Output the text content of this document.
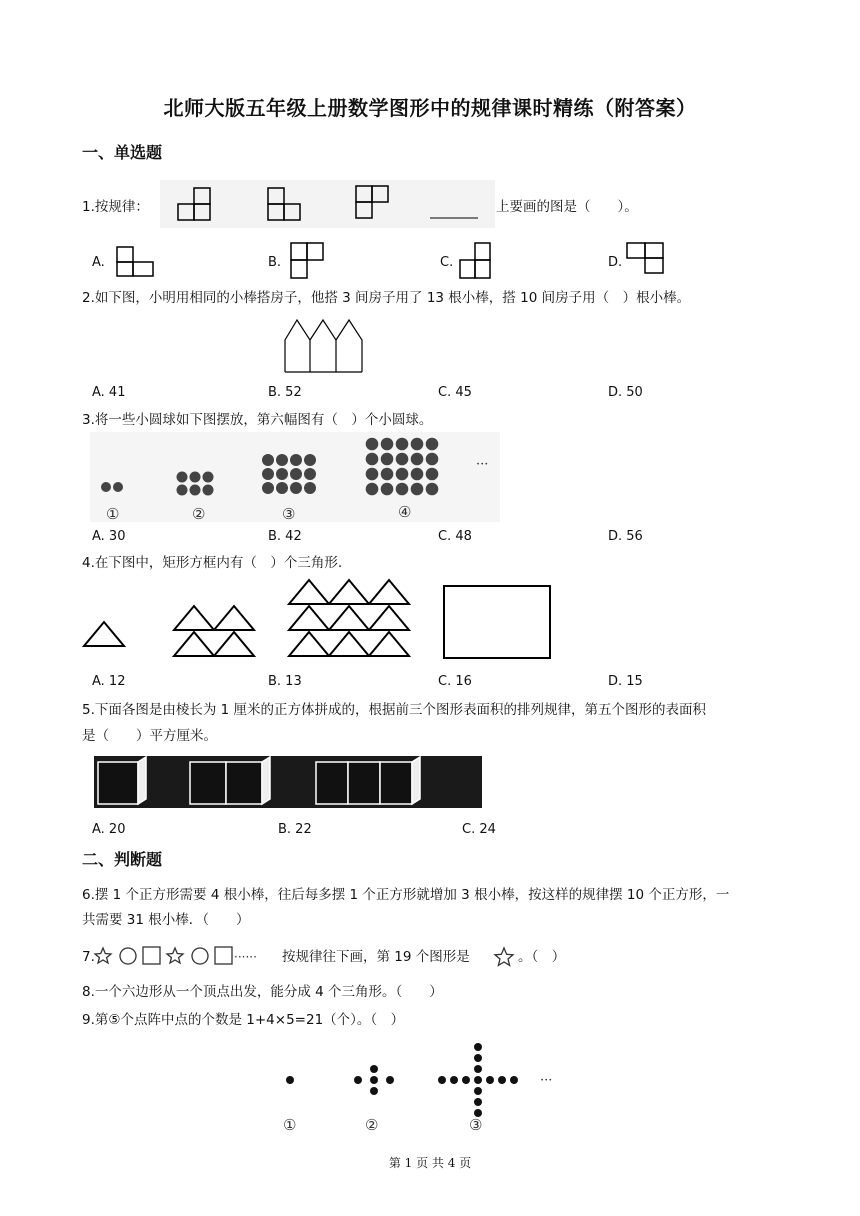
北师大版五年级上册数学图形中的规律课时精练（附答案）
一、单选题
1.按规律：	上要画的图是（　　）。
A.	B.	C.	D.
2.如下图，小明用相同的小棒搭房子，他搭 3 间房子用了 13 根小棒，搭 10 间房子用（　）根小棒。
A. 41	B. 52	C. 45	D. 50
3.将一些小圆球如下图摆放，第六幅图有（　）个小圆球。
①	②	③	④
···
A. 30	B. 42	C. 48	D. 56
4.在下图中，矩形方框内有（　）个三角形.
A. 12	B. 13	C. 16	D. 15
5.下面各图是由棱长为 1 厘米的正方体拼成的，根据前三个图形表面积的排列规律，第五个图形的表面积
是（　　）平方厘米。
A. 20	B. 22	C. 24
二、判断题
6.摆 1 个正方形需要 4 根小棒，往后每多摆 1 个正方形就增加 3 根小棒，按这样的规律摆 10 个正方形，一
共需要 31 根小棒．（　　）
7.	······ 按规律往下画，第 19 个图形是	。（　）
8.一个六边形从一个顶点出发，能分成 4 个三角形。（　　）
9.第⑤个点阵中点的个数是 1+4×5=21（个）。（　）
①	②	③
···
第 1 页 共 4 页
